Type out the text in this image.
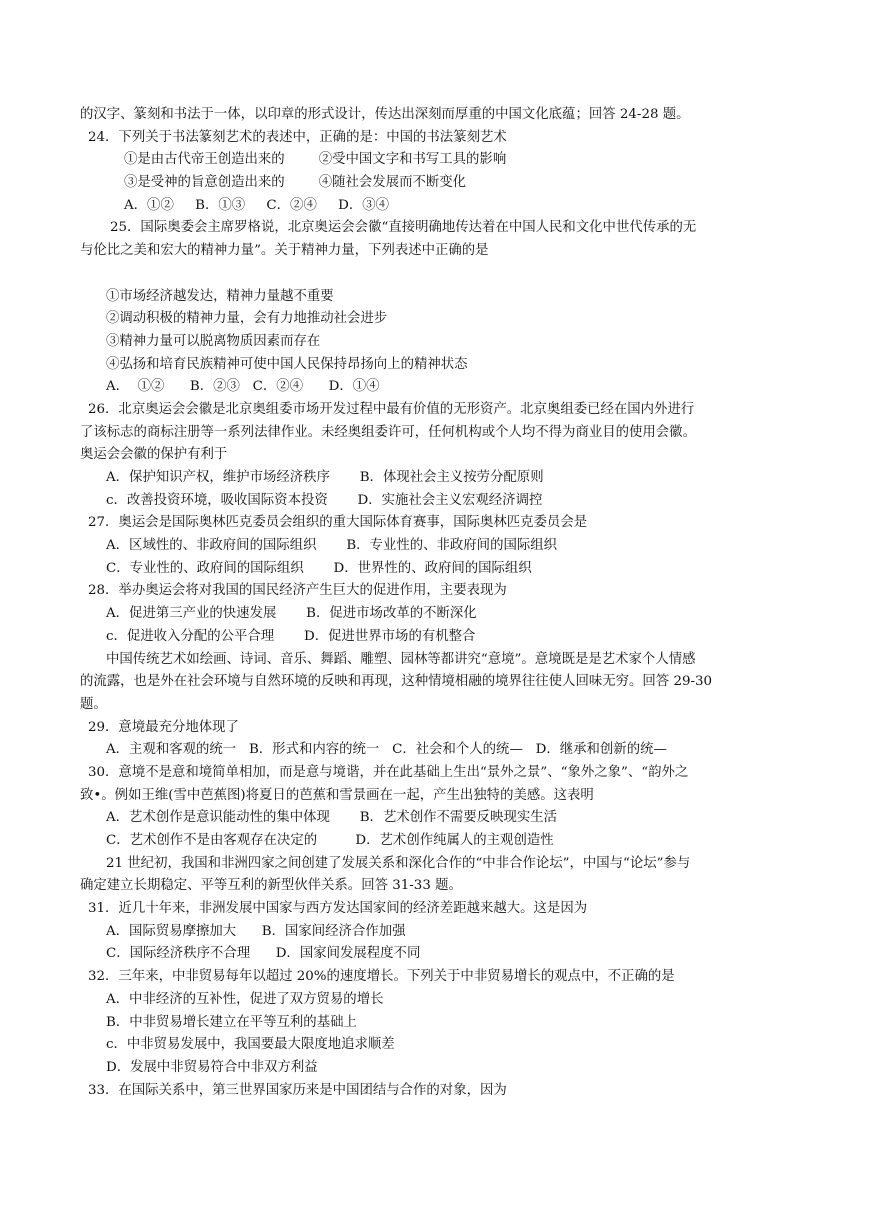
的汉字、篆刻和书法于一体，以印章的形式设计，传达出深刻而厚重的中国文化底蕴；回答 24-28 题。
24．下列关于书法篆刻艺术的表述中，正确的是：中国的书法篆刻艺术
①是由古代帝王创造出来的        ②受中国文字和书写工具的影响
③是受神的旨意创造出来的        ④随社会发展而不断变化
A．①②     B．①③     C．②④     D．③④
25．国际奥委会主席罗格说，北京奥运会会徽“直接明确地传达着在中国人民和文化中世代传承的无
与伦比之美和宏大的精神力量”。关于精神力量，下列表述中正确的是
①市场经济越发达，精神力量越不重要
②调动积极的精神力量，会有力地推动社会进步
③精神力量可以脱离物质因素而存在
④弘扬和培育民族精神可使中国人民保持昂扬向上的精神状态
A．  ①②      B．②③   C．②④      D．①④
26．北京奥运会会徽是北京奥组委市场开发过程中最有价值的无形资产。北京奥组委已经在国内外进行
了该标志的商标注册等一系列法律作业。未经奥组委许可，任何机构或个人均不得为商业目的使用会徽。
奥运会会徽的保护有利于
A．保护知识产权，维护市场经济秩序       B．体现社会主义按劳分配原则
c．改善投资环境，吸收国际资本投资       D．实施社会主义宏观经济调控
27．奥运会是国际奥林匹克委员会组织的重大国际体育赛事，国际奥林匹克委员会是
A．区域性的、非政府间的国际组织       B．专业性的、非政府间的国际组织
C．专业性的、政府间的国际组织       D．世界性的、政府间的国际组织
28．举办奥运会将对我国的国民经济产生巨大的促进作用，主要表现为
A．促进第三产业的快速发展       B．促进市场改革的不断深化
c．促进收入分配的公平合理       D．促进世界市场的有机整合
中国传统艺术如绘画、诗词、音乐、舞蹈、雕塑、园林等都讲究“意境”。意境既是是艺术家个人情感
的流露，也是外在社会环境与自然环境的反映和再现，这种情境相融的境界往往使人回味无穷。回答 29-30
题。
29．意境最充分地体现了
A．主观和客观的统一   B．形式和内容的统一   C．社会和个人的统—   D．继承和创新的统—
30．意境不是意和境简单相加，而是意与境谐，并在此基础上生出“景外之景”、“象外之象”、“韵外之
致•。例如王维(雪中芭蕉图)将夏日的芭蕉和雪景画在一起，产生出独特的美感。这表明
A．艺术创作是意识能动性的集中体现       B．艺术创作不需要反映现实生活
C．艺术创作不是由客观存在决定的         D．艺术创作纯属人的主观创造性
21 世纪初，我国和非洲四家之间创建了发展关系和深化合作的“中非合作论坛”，中国与“论坛”参与
确定建立长期稳定、平等互利的新型伙伴关系。回答 31-33 题。
31．近几十年来，非洲发展中国家与西方发达国家间的经济差距越来越大。这是因为
A．国际贸易摩擦加大      B．国家间经济合作加强
C．国际经济秩序不合理      D．国家间发展程度不同
32．三年来，中非贸易每年以超过 20%的速度增长。下列关于中非贸易增长的观点中，不正确的是
A．中非经济的互补性，促进了双方贸易的增长
B．中非贸易增长建立在平等互利的基础上
c．中非贸易发展中，我国要最大限度地追求顺差
D．发展中非贸易符合中非双方利益
33．在国际关系中，第三世界国家历来是中国团结与合作的对象，因为
